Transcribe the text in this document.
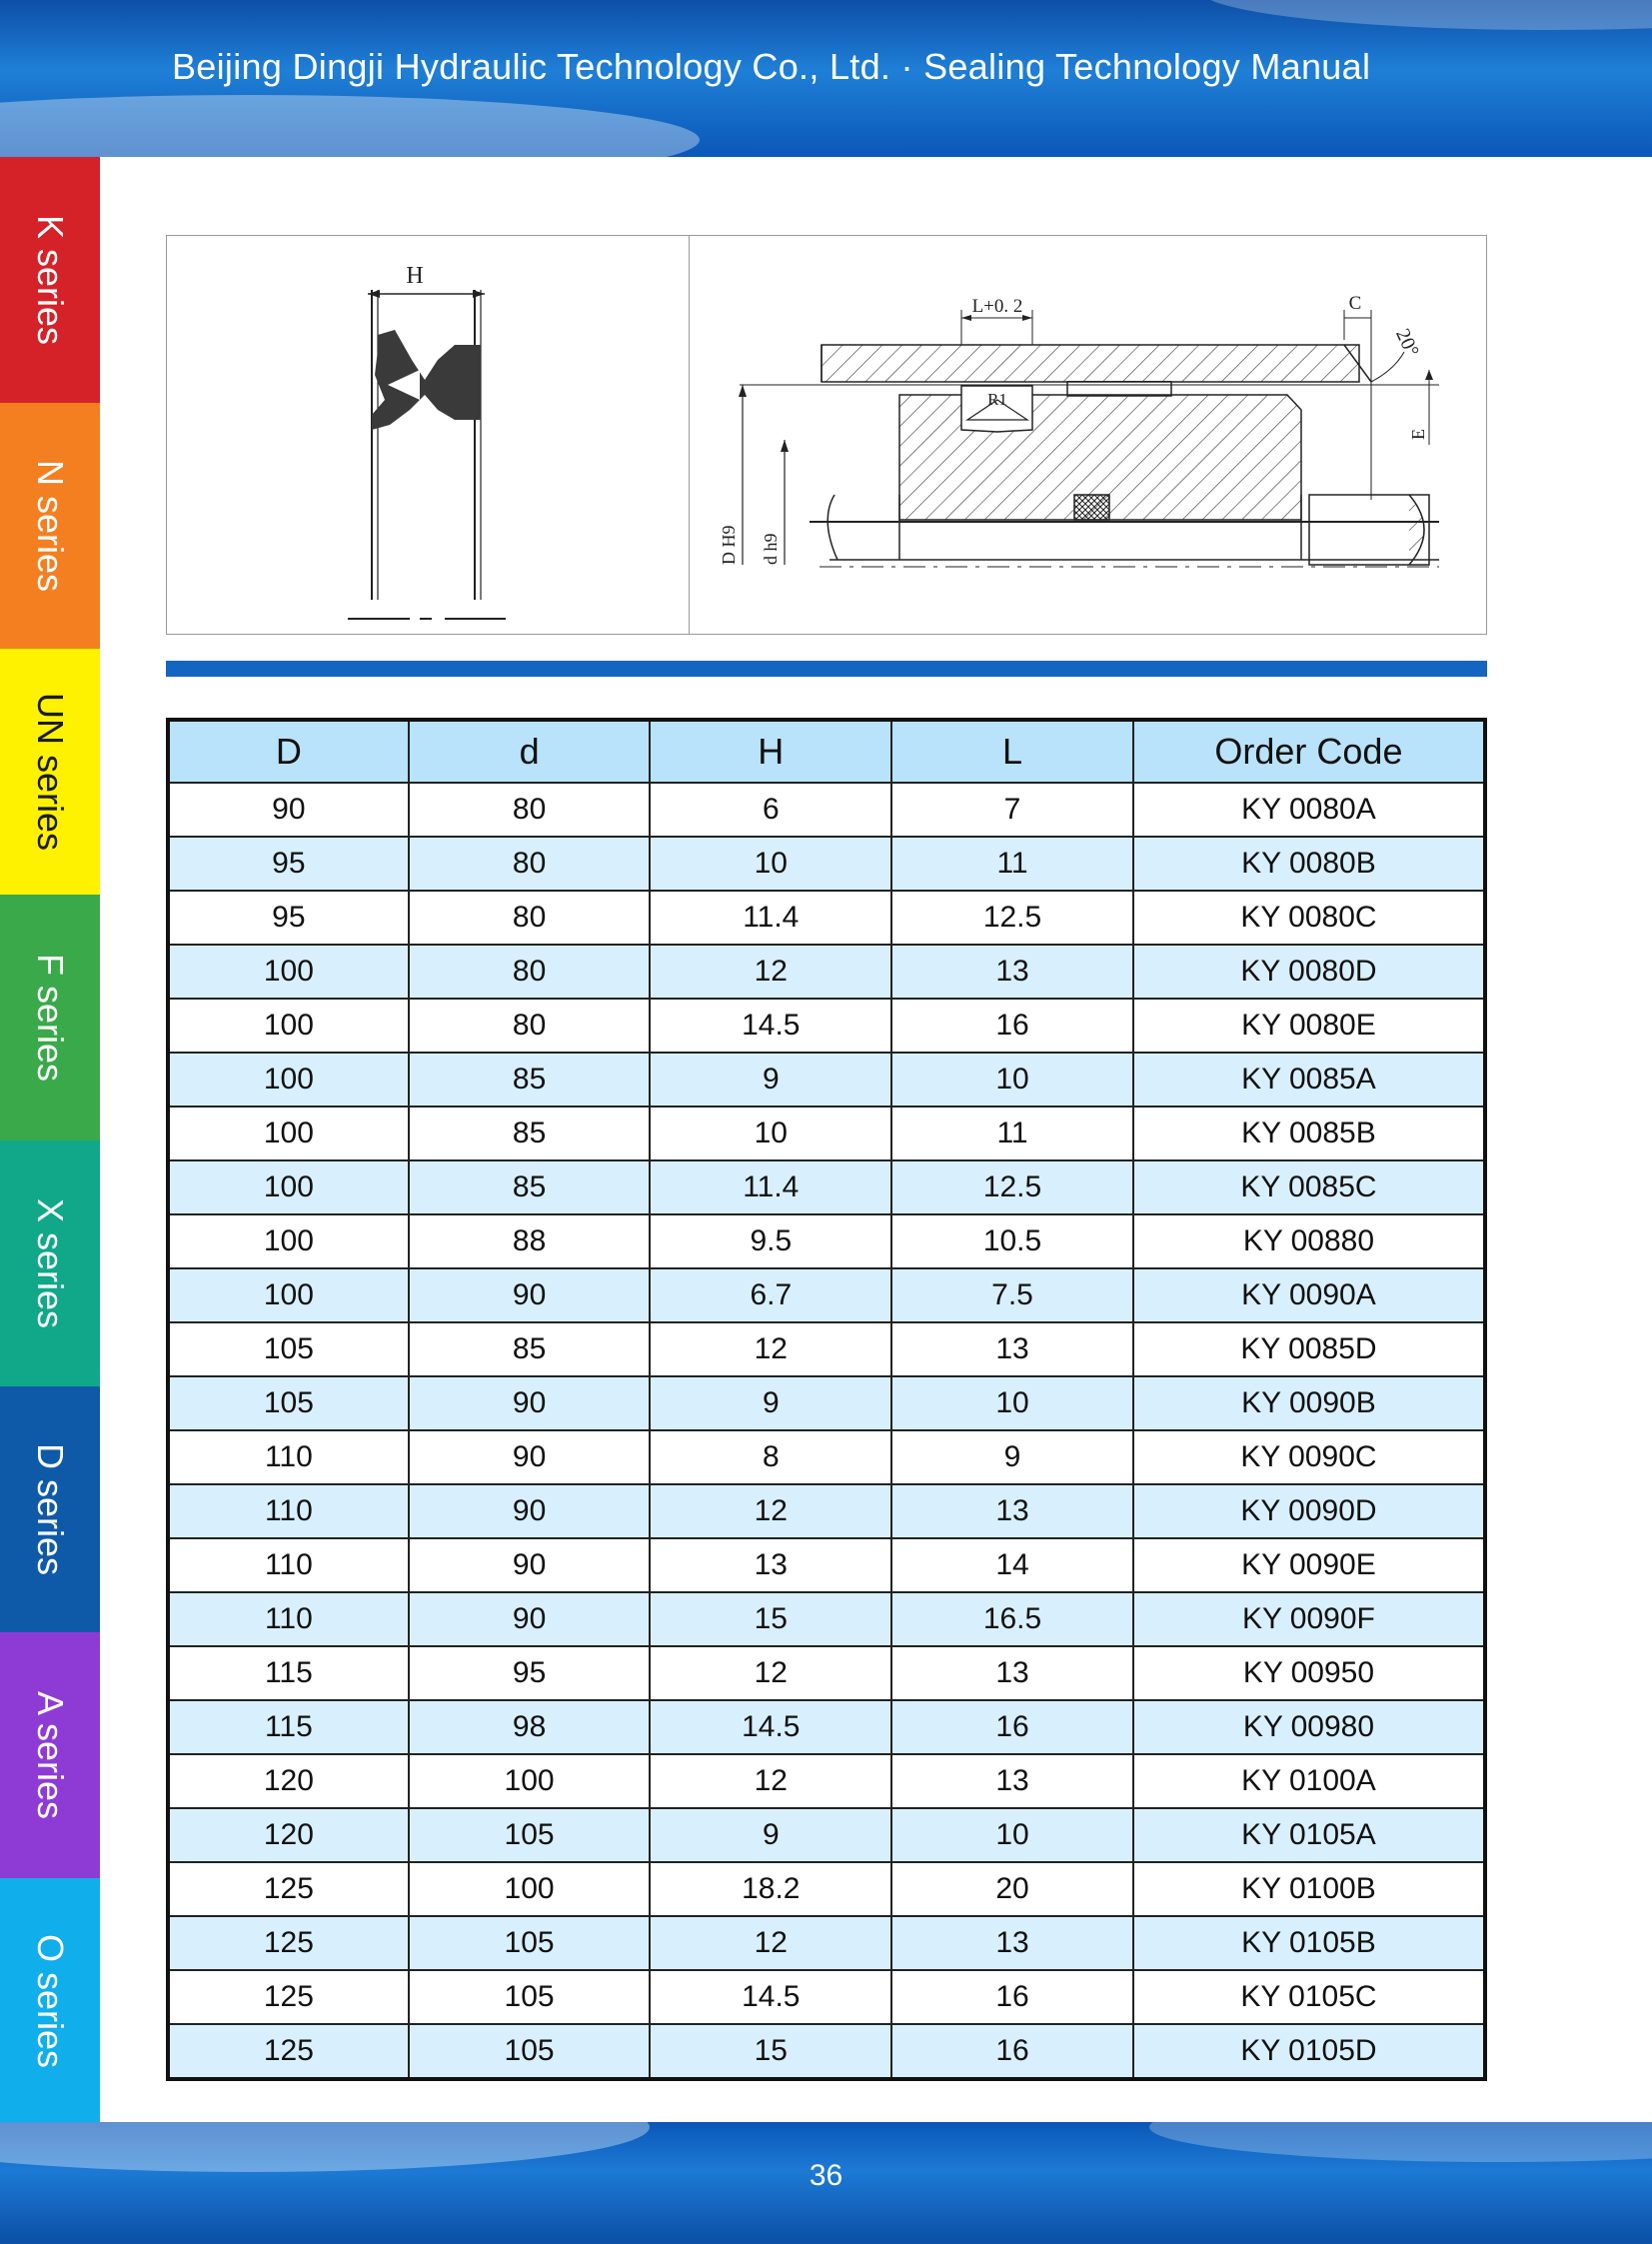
Beijing Dingji Hydraulic Technology Co., Ltd. · Sealing Technology Manual
K series
N series
UN series
F series
X series
D series
A series
O series
H
L+0. 2	C
20°
R1
E
D H9 d h9
D	d	H	L	Order Code
90	80	6	7	KY 0080A
95	80	10	11	KY 0080B
95	80	11.4	12.5	KY 0080C
100	80	12	13	KY 0080D
100	80	14.5	16	KY 0080E
100	85	9	10	KY 0085A
100	85	10	11	KY 0085B
100	85	11.4	12.5	KY 0085C
100	88	9.5	10.5	KY 00880
100	90	6.7	7.5	KY 0090A
105	85	12	13	KY 0085D
105	90	9	10	KY 0090B
110	90	8	9	KY 0090C
110	90	12	13	KY 0090D
110	90	13	14	KY 0090E
110	90	15	16.5	KY 0090F
115	95	12	13	KY 00950
115	98	14.5	16	KY 00980
120	100	12	13	KY 0100A
120	105	9	10	KY 0105A
125	100	18.2	20	KY 0100B
125	105	12	13	KY 0105B
125	105	14.5	16	KY 0105C
125	105	15	16	KY 0105D
36
